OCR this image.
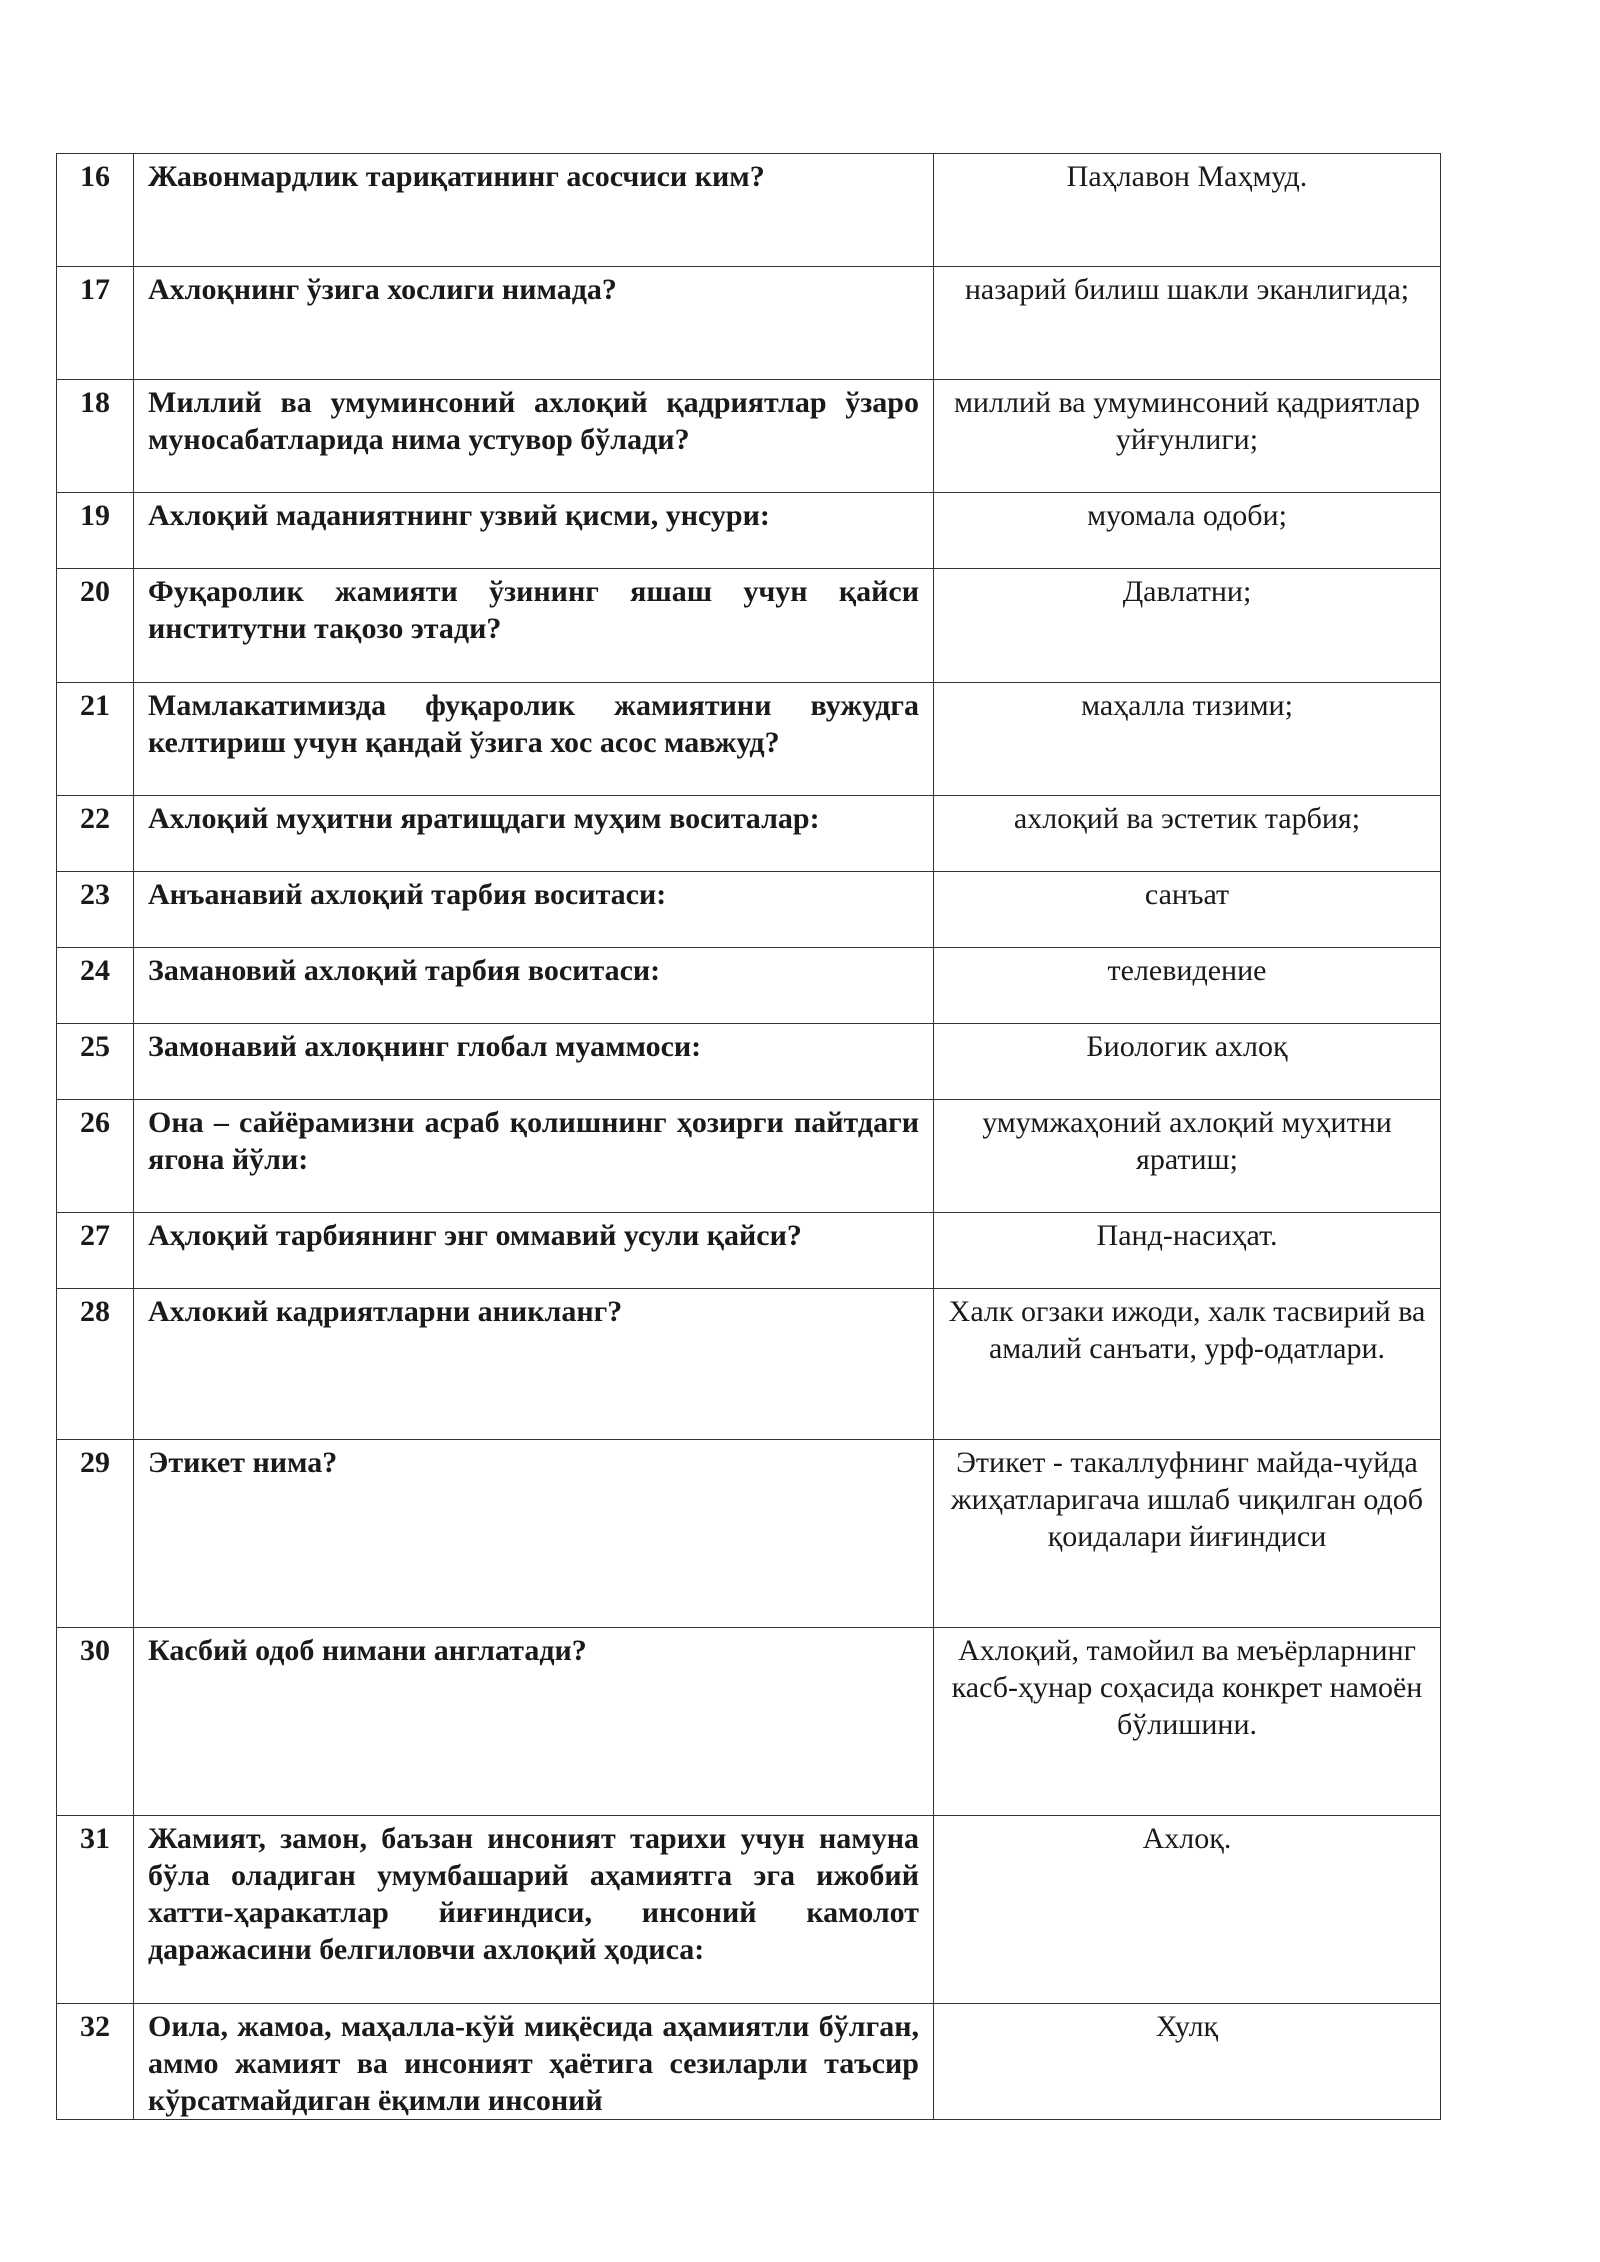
16	Жавонмардлик тариқатининг асосчиси ким?	Паҳлавон Маҳмуд.

17	Ахлоқнинг ўзига хослиги нимада?	назарий билиш шакли эканлигида;

18	Миллий ва умуминсоний ахлоқий қадриятлар ўзаро муносабатларида нима устувор бўлади?	миллий ва умуминсоний қадриятлар уйғунлиги;

19	Ахлоқий маданиятнинг узвий қисми, унсури:	муомала одоби;

20	Фуқаролик жамияти ўзининг яшаш учун қайси институтни тақозо этади?	Давлатни;

21	Мамлакатимизда фуқаролик жамиятини вужудга келтириш учун қандай ўзига хос асос мавжуд?	маҳалла тизими;

22	Ахлоқий муҳитни яратищдаги муҳим воситалар:	ахлоқий ва эстетик тарбия;

23	Анъанавий ахлоқий тарбия воситаси:	санъат

24	Замановий ахлоқий тарбия воситаси:	телевидение

25	Замонавий ахлоқнинг глобал муаммоси:	Биологик ахлоқ

26	Она – сайёрамизни асраб қолишнинг ҳозирги пайтдаги ягона йўли:	умумжаҳоний ахлоқий муҳитни яратиш;

27	Аҳлоқий тарбиянинг энг оммавий усули қайси?	Панд-насиҳат.

28	Ахлокий кадриятларни аникланг?	Халк огзаки ижоди, халк тасвирий ва амалий санъати, урф-одатлари.

29	Этикет нима?	Этикет - такаллуфнинг майда-чуйда жиҳатларигача ишлаб чиқилган одоб қоидалари йиғиндиси

30	Касбий одоб нимани англатади?	Ахлоқий, тамойил ва меъёрларнинг касб-ҳунар соҳасида конкрет намоён бўлишини.

31	Жамият, замон, баъзан инсоният тарихи учун намуна бўла оладиган умумбашарий аҳамиятга эга ижобий хатти-ҳаракатлар йиғиндиси, инсоний камолот даражасини белгиловчи ахлоқий ҳодиса:	Ахлоқ.

32	Оила, жамоа, маҳалла-кўй миқёсида аҳамиятли бўлган, аммо жамият ва инсоният ҳаётига сезиларли таъсир кўрсатмайдиган ёқимли инсоний	Хулқ
